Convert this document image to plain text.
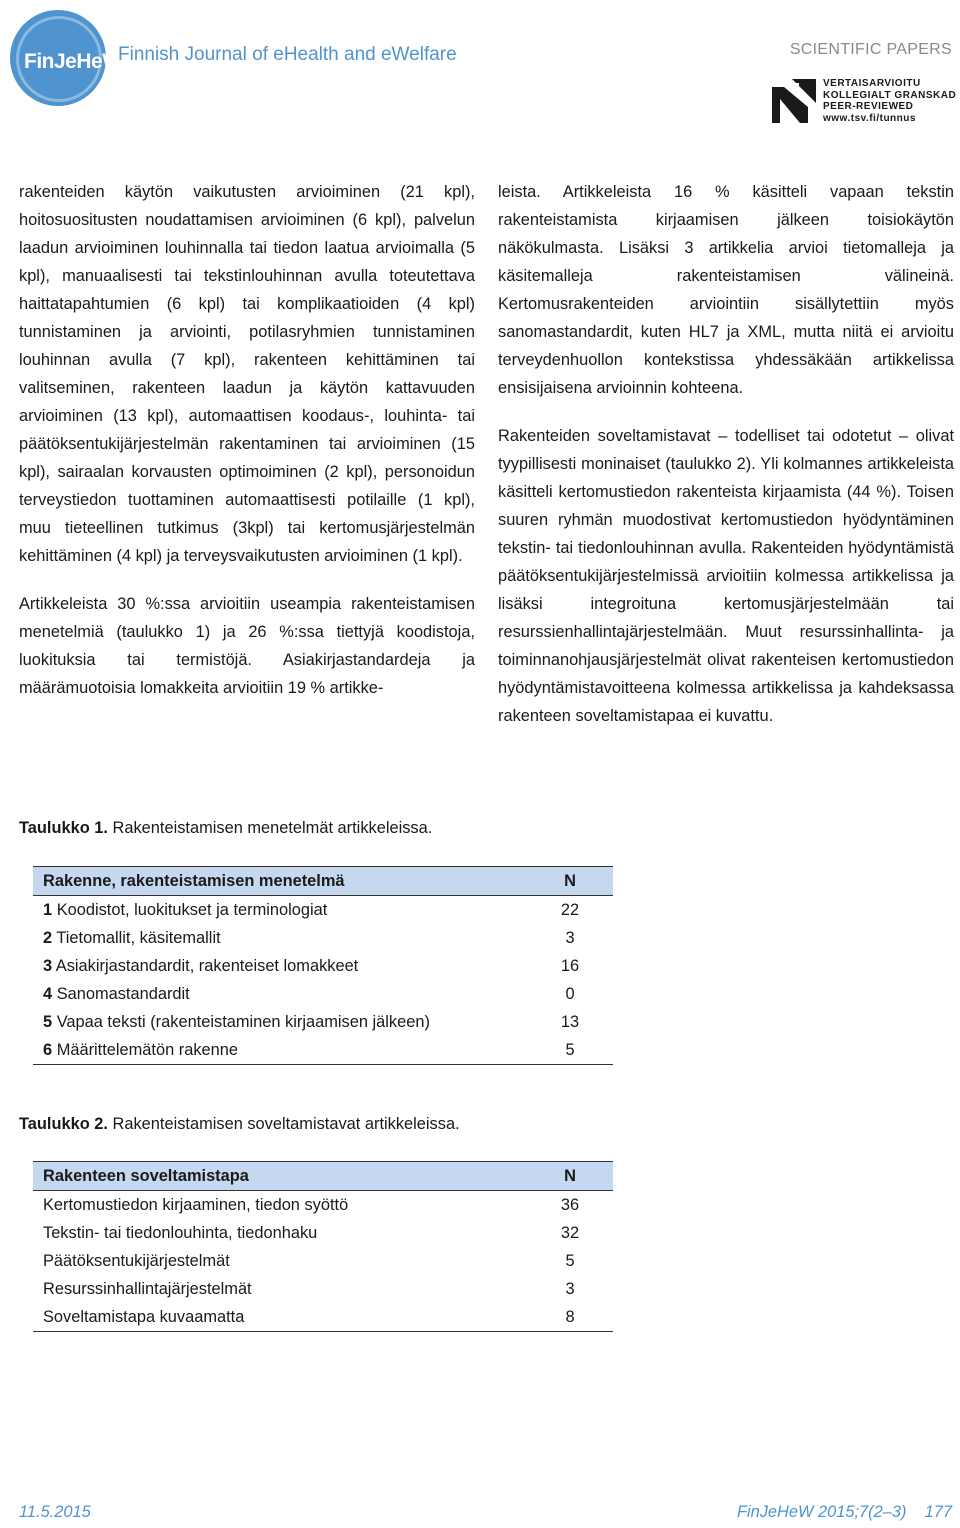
FinJeHeW
Finnish Journal of eHealth and eWelfare	SCIENTIFIC PAPERS
VERTAISARVIOITU
KOLLEGIALT GRANSKAD
PEER-REVIEWED
www.tsv.fi/tunnus

rakenteiden käytön vaikutusten arvioiminen (21 kpl), hoitosuositusten noudattamisen arvioiminen (6 kpl), palvelun laadun arvioiminen louhinnalla tai tiedon laatua arvioimalla (5 kpl), manuaalisesti tai tekstinlouhinnan avulla toteutettava haittatapahtumien (6 kpl) tai komplikaatioiden (4 kpl) tunnistaminen ja arviointi, potilasryhmien tunnistaminen louhinnan avulla (7 kpl), rakenteen kehittäminen tai valitseminen, rakenteen laadun ja käytön kattavuuden arvioiminen (13 kpl), automaattisen koodaus-, louhinta- tai päätöksentukijärjestelmän rakentaminen tai arvioiminen (15 kpl), sairaalan korvausten optimoiminen (2 kpl), personoidun terveystiedon tuottaminen automaattisesti potilaille (1 kpl), muu tieteellinen tutkimus (3kpl) tai kertomusjärjestelmän kehittäminen (4 kpl) ja terveysvaikutusten arvioiminen (1 kpl).

Artikkeleista 30 %:ssa arvioitiin useampia rakenteistamisen menetelmiä (taulukko 1) ja 26 %:ssa tiettyjä koodistoja, luokituksia tai termistöjä. Asiakirjastandardeja ja määrämuotoisia lomakkeita arvioitiin 19 % artikke-

leista. Artikkeleista 16 % käsitteli vapaan tekstin rakenteistamista kirjaamisen jälkeen toisiokäytön näkökulmasta. Lisäksi 3 artikkelia arvioi tietomalleja ja käsitemalleja rakenteistamisen välineinä. Kertomusrakenteiden arviointiin sisällytettiin myös sanomastandardit, kuten HL7 ja XML, mutta niitä ei arvioitu terveydenhuollon kontekstissa yhdessäkään artikkelissa ensisijaisena arvioinnin kohteena.

Rakenteiden soveltamistavat – todelliset tai odotetut – olivat tyypillisesti moninaiset (taulukko 2). Yli kolmannes artikkeleista käsitteli kertomustiedon rakenteista kirjaamista (44 %). Toisen suuren ryhmän muodostivat kertomustiedon hyödyntäminen tekstin- tai tiedonlouhinnan avulla. Rakenteiden hyödyntämistä päätöksentukijärjestelmissä arvioitiin kolmessa artikkelissa ja lisäksi integroituna kertomusjärjestelmään tai resurssienhallintajärjestelmään. Muut resurssinhallinta- ja toiminnanohjausjärjestelmät olivat rakenteisen kertomustiedon hyödyntämistavoitteena kolmessa artikkelissa ja kahdeksassa rakenteen soveltamistapaa ei kuvattu.

Taulukko 1. Rakenteistamisen menetelmät artikkeleissa.
Rakenne, rakenteistamisen menetelmä	N
1 Koodistot, luokitukset ja terminologiat	22
2 Tietomallit, käsitemallit	3
3 Asiakirjastandardit, rakenteiset lomakkeet	16
4 Sanomastandardit	0
5 Vapaa teksti (rakenteistaminen kirjaamisen jälkeen)	13
6 Määrittelemätön rakenne	5
Taulukko 2. Rakenteistamisen soveltamistavat artikkeleissa.
Rakenteen soveltamistapa	N
Kertomustiedon kirjaaminen, tiedon syöttö	36
Tekstin- tai tiedonlouhinta, tiedonhaku	32
Päätöksentukijärjestelmät	5
Resurssinhallintajärjestelmät	3
Soveltamistapa kuvaamatta	8
11.5.2015	FinJeHeW 2015;7(2–3) 177
